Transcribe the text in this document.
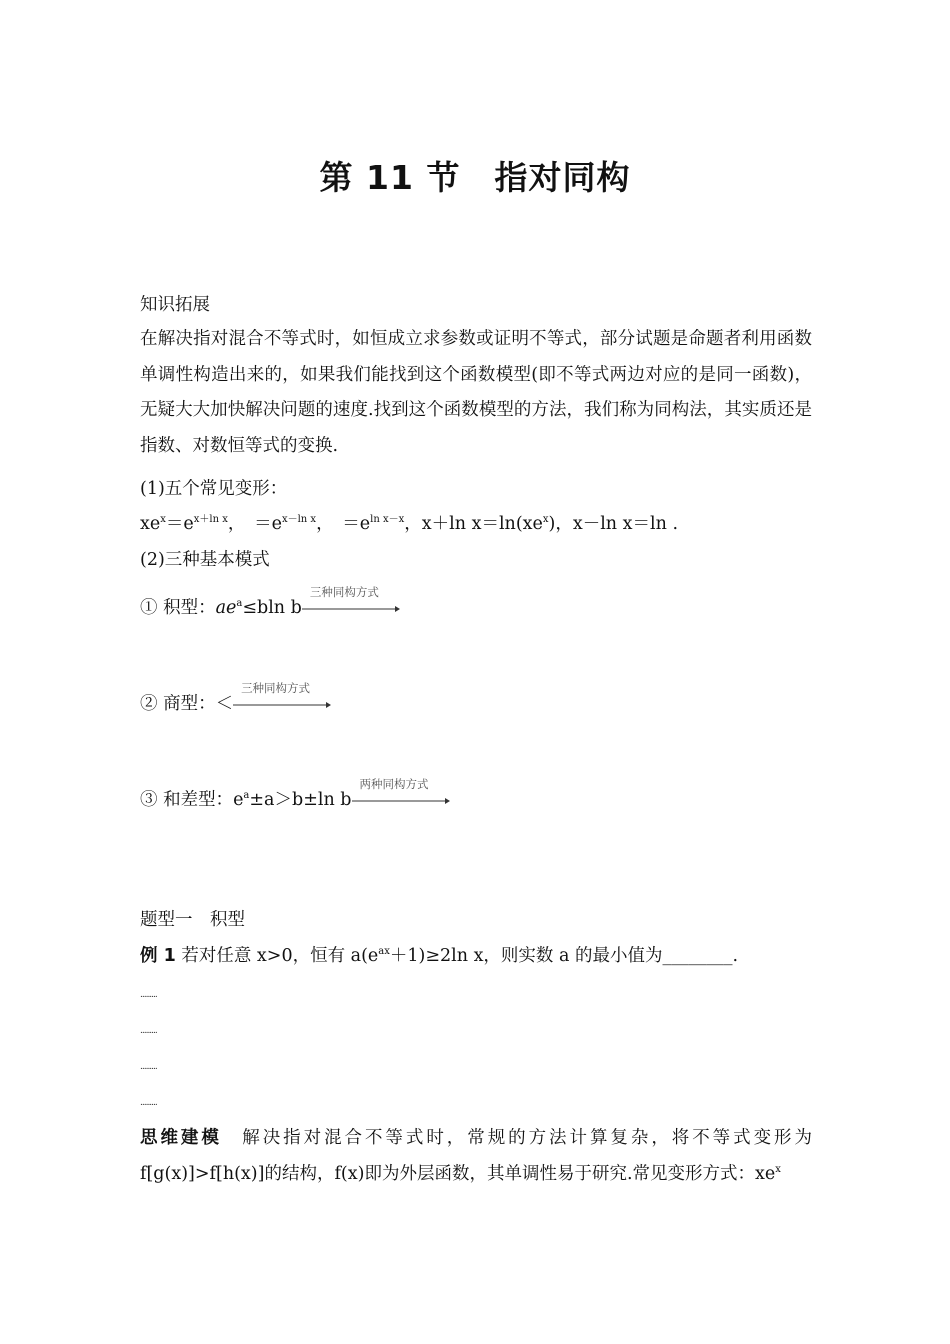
第 11 节　指对同构
知识拓展
在解决指对混合不等式时，如恒成立求参数或证明不等式，部分试题是命题者利用函数单调性构造出来的，如果我们能找到这个函数模型(即不等式两边对应的是同一函数)，无疑大大加快解决问题的速度.找到这个函数模型的方法，我们称为同构法，其实质还是指数、对数恒等式的变换.
(1)五个常见变形：
$xe^x=e^{x+ln x}$，　$=e^{x-ln x}$，　$=e^{ln x-x}$，x＋ln $x=\ln(xe^x)$，x－ln x＝ln .
(2)三种基本模式
① 积型：$ae^a\le bln$ b
三种同构方式
② 商型：＜
三种同构方式
③ 和差型：$e^a\pm a>b\pm\ln$ b
两种同构方式
题型一　积型
例 1 若对任意 x>0，恒有 $a(e^{ax}+1)\ge 2\ln$ x，则实数 a 的最小值为________.
.........
.........
.........
.........
思维建模　解决指对混合不等式时，常规的方法计算复杂，将不等式变形为 f[g(x)]>f[h(x)]的结构，f(x)即为外层函数，其单调性易于研究.常见变形方式：$xe^x$
